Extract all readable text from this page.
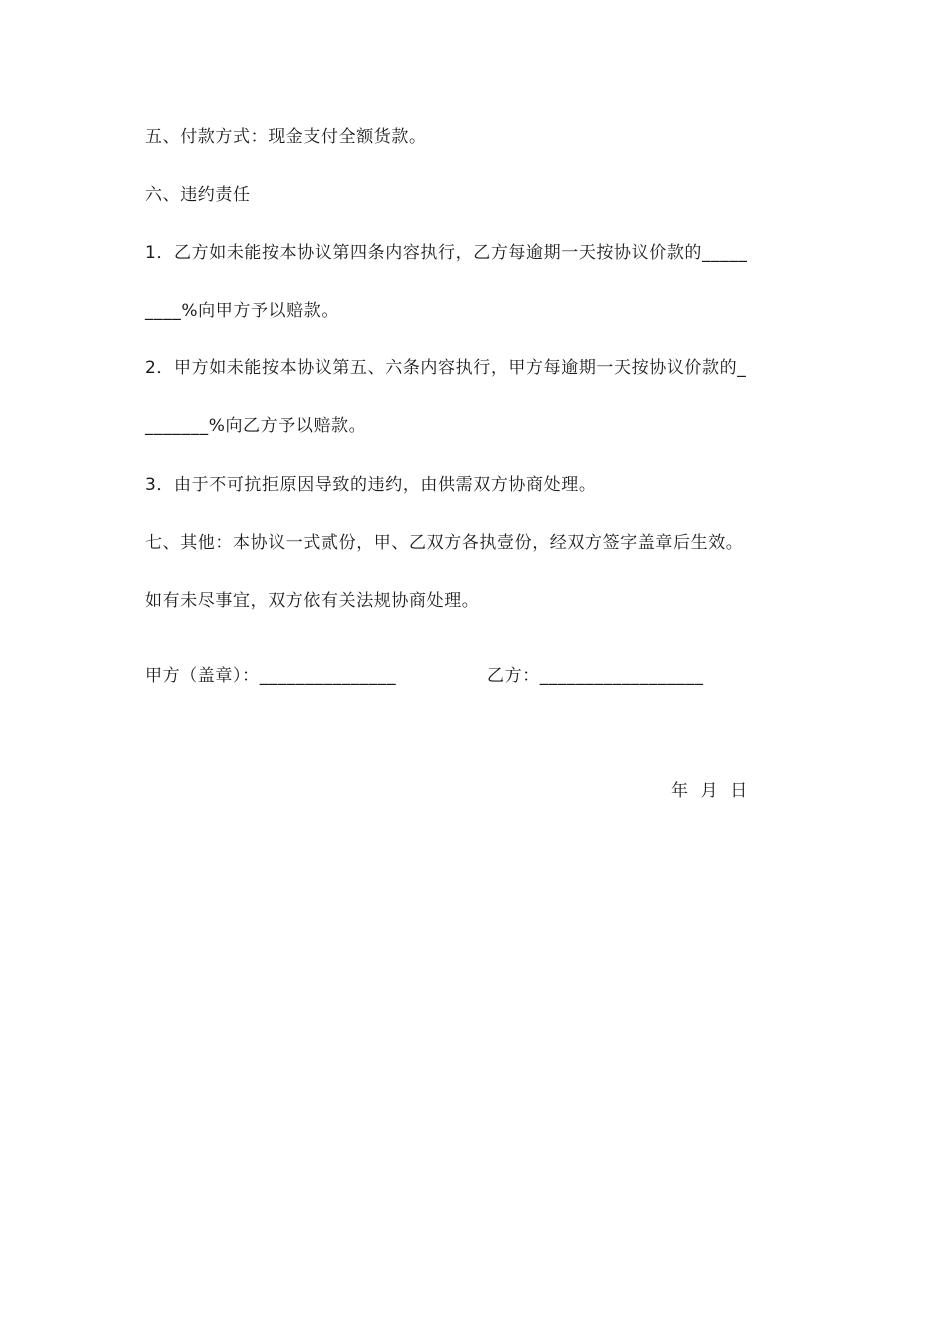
五、付款方式：现金支付全额货款。
六、违约责任
1．乙方如未能按本协议第四条内容执行，乙方每逾期一天按协议价款的_____
____%向甲方予以赔款。
2．甲方如未能按本协议第五、六条内容执行，甲方每逾期一天按协议价款的_
_______%向乙方予以赔款。
3．由于不可抗拒原因导致的违约，由供需双方协商处理。
七、其他：本协议一式贰份，甲、乙双方各执壹份，经双方签字盖章后生效。
如有未尽事宜，双方依有关法规协商处理。
甲方（盖章）：_______________	乙方：__________________
年  月  日
